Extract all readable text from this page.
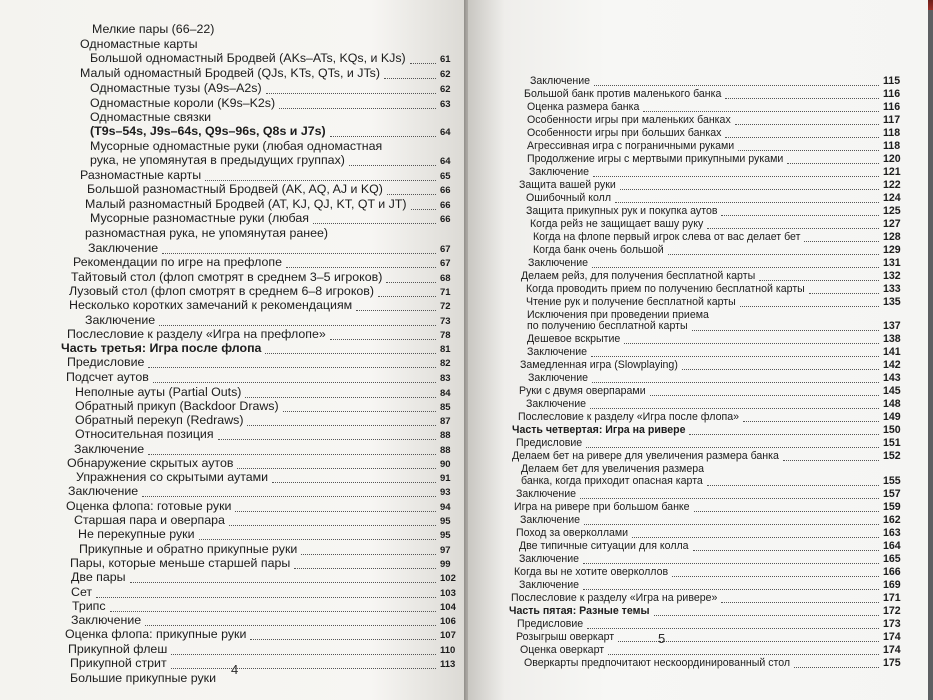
Мелкие пары (66–22)
Одномастные карты
Большой одномастный Бродвей (AKs–ATs, KQs, и KJs)	61
Малый одномастный Бродвей (QJs, KTs, QTs, и JTs)	62
Одномастные тузы (A9s–A2s)	62
Одномастные короли (K9s–K2s)	63
Одномастные связки
(T9s–54s, J9s–64s, Q9s–96s, Q8s и J7s)	64
Мусорные одномастные руки (любая одномастная
рука, не упомянутая в предыдущих группах)	64
Разномастные карты	65
Большой разномастный Бродвей (AK, AQ, AJ и KQ)	66
Малый разномастный Бродвей (AT, KJ, QJ, KT, QT и JT)	66
Мусорные разномастные руки (любая	66
разномастная рука, не упомянутая ранее)
Заключение	67
Рекомендации по игре на префлопе	67
Тайтовый стол (флоп смотрят в среднем 3–5 игроков)	68
Лузовый стол (флоп смотрят в среднем 6–8 игроков)	71
Несколько коротких замечаний к рекомендациям	72
Заключение	73
Послесловие к разделу «Игра на префлопе»	78
Часть третья: Игра после флопа	81
Предисловие	82
Подсчет аутов	83
Неполные ауты (Partial Outs)	84
Обратный прикуп (Backdoor Draws)	85
Обратный перекуп (Redraws)	87
Относительная позиция	88
Заключение	88
Обнаружение скрытых аутов	90
Упражнения со скрытыми аутами	91
Заключение	93
Оценка флопа: готовые руки	94
Старшая пара и оверпара	95
Не перекупные руки	95
Прикупные и обратно прикупные руки	97
Пары, которые меньше старшей пары	99
Две пары	102
Сет	103
Трипс	104
Заключение	106
Оценка флопа: прикупные руки	107
Прикупной флеш	110
Прикупной стрит	113
Большие прикупные руки
4
Заключение	115
Большой банк против маленького банка	116
Оценка размера банка	116
Особенности игры при маленьких банках	117
Особенности игры при больших банках	118
Агрессивная игра с пограничными руками	118
Продолжение игры с мертвыми прикупными руками	120
Заключение	121
Защита вашей руки	122
Ошибочный колл	124
Защита прикупных рук и покупка аутов	125
Когда рейз не защищает вашу руку	127
Когда на флопе первый игрок слева от вас делает бет	128
Когда банк очень большой	129
Заключение	131
Делаем рейз, для получения бесплатной карты	132
Когда проводить прием по получению бесплатной карты	133
Чтение рук и получение бесплатной карты	135
Исключения при проведении приема
по получению бесплатной карты	137
Дешевое вскрытие	138
Заключение	141
Замедленная игра (Slowplaying)	142
Заключение	143
Руки с двумя оверпарами	145
Заключение	148
Послесловие к разделу «Игра после флопа»	149
Часть четвертая: Игра на ривере	150
Предисловие	151
Делаем бет на ривере для увеличения размера банка	152
Делаем бет для увеличения размера
банка, когда приходит опасная карта	155
Заключение	157
Игра на ривере при большом банке	159
Заключение	162
Поход за оверколлами	163
Две типичные ситуации для колла	164
Заключение	165
Когда вы не хотите оверколлов	166
Заключение	169
Послесловие к разделу «Игра на ривере»	171
Часть пятая: Разные темы	172
Предисловие	173
Розыгрыш оверкарт	174
Оценка оверкарт	174
Оверкарты предпочитают нескоординированный стол	175
5
